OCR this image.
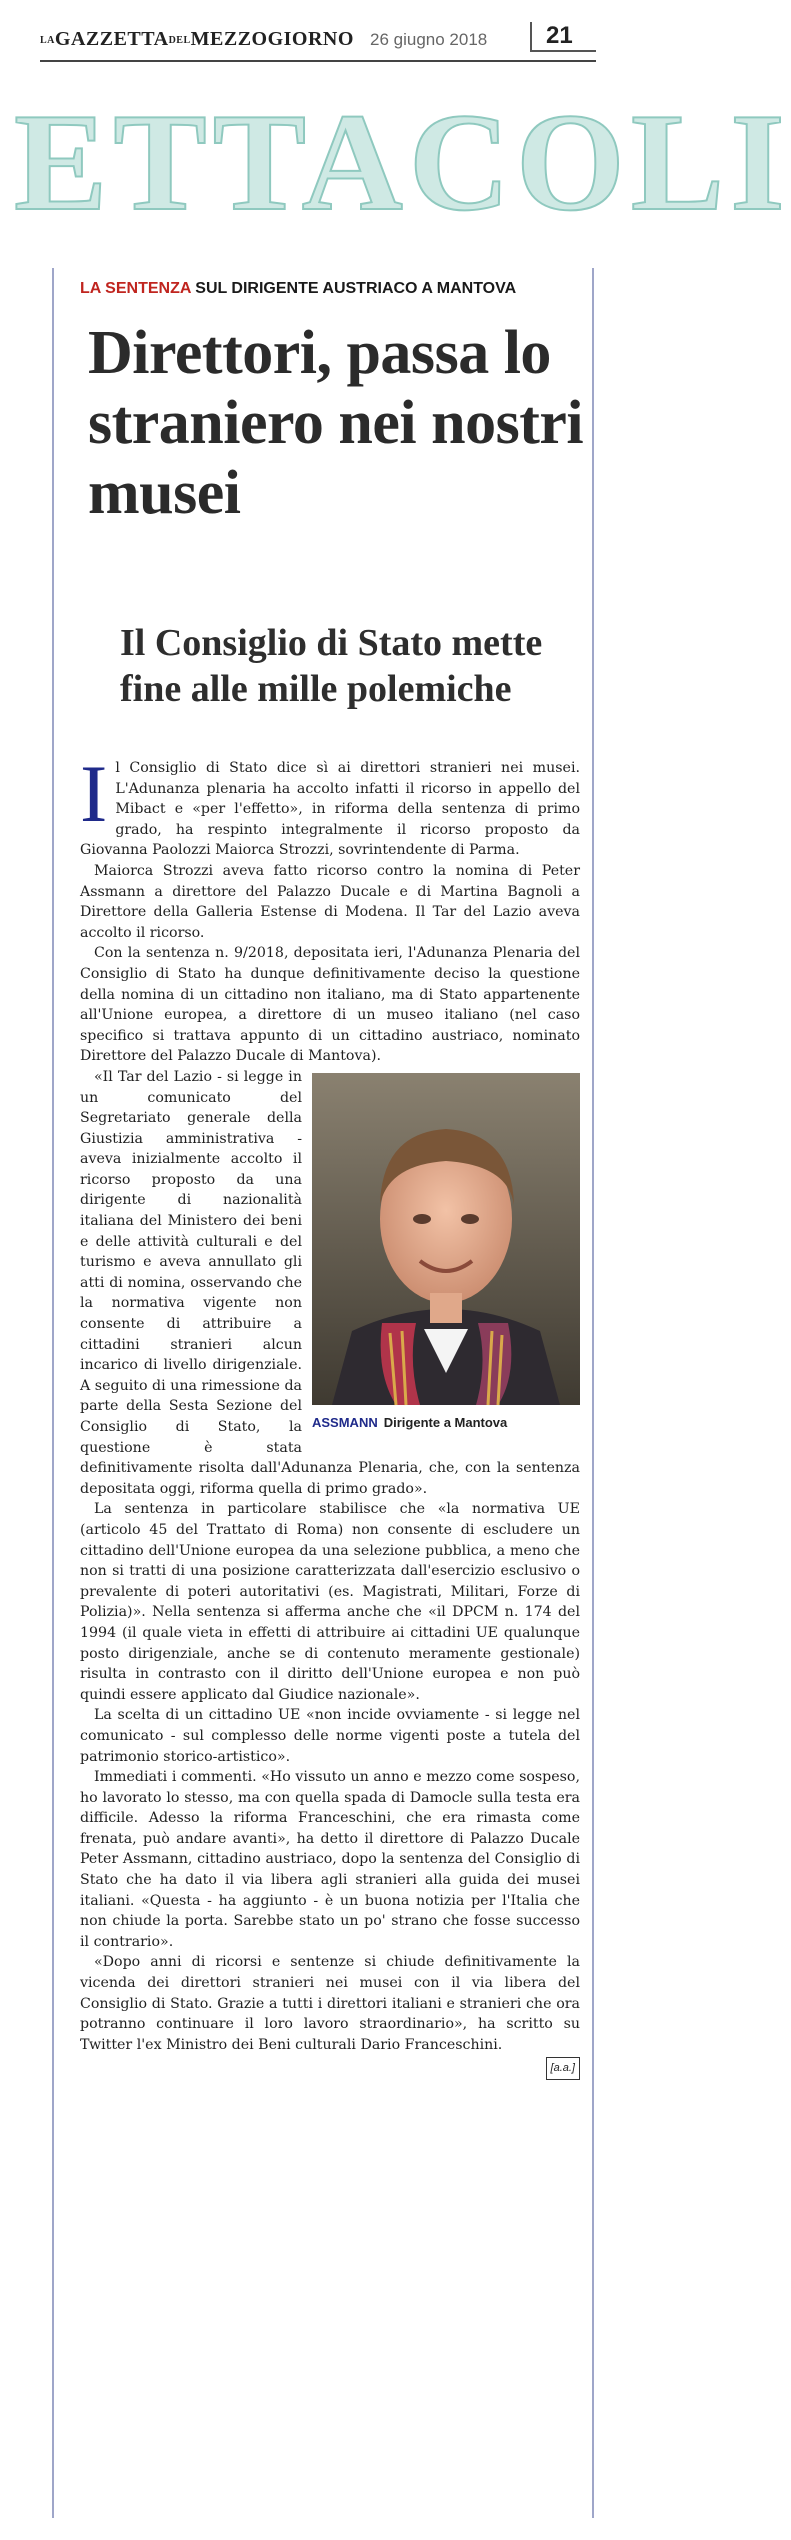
LAGAZZETTADELMEZZOGIORNO 26 giugno 2018 21
ETTACOLI
LA SENTENZA SUL DIRIGENTE AUSTRIACO A MANTOVA
Direttori, passa lo straniero nei nostri musei
Il Consiglio di Stato mette fine alle mille polemiche

Il Consiglio di Stato dice sì ai direttori stranieri nei musei. L'Adunanza plenaria ha accolto infatti il ricorso in appello del Mibact e «per l'effetto», in riforma della sentenza di primo grado, ha respinto integralmente il ricorso proposto da Giovanna Paolozzi Maiorca Strozzi, sovrintendente di Parma.

Maiorca Strozzi aveva fatto ricorso contro la nomina di Peter Assmann a direttore del Palazzo Ducale e di Martina Bagnoli a Direttore della Galleria Estense di Modena. Il Tar del Lazio aveva accolto il ricorso.

Con la sentenza n. 9/2018, depositata ieri, l'Adunanza Plenaria del Consiglio di Stato ha dunque definitivamente deciso la questione della nomina di un cittadino non italiano, ma di Stato appartenente all'Unione europea, a direttore di un museo italiano (nel caso specifico si trattava appunto di un cittadino austriaco, nominato Direttore del Palazzo Ducale di Mantova).

ASSMANN Dirigente a Mantova
«Il Tar del Lazio - si legge in un comunicato del Segretariato generale della Giustizia amministrativa - aveva inizialmente accolto il ricorso proposto da una dirigente di nazionalità italiana del Ministero dei beni e delle attività culturali e del turismo e aveva annullato gli atti di nomina, osservando che la normativa vigente non consente di attribuire a cittadini stranieri alcun incarico di livello dirigenziale. A seguito di una rimessione da parte della Sesta Sezione del Consiglio di Stato, la questione è stata definitivamente risolta dall'Adunanza Plenaria, che, con la sentenza depositata oggi, riforma quella di primo grado».

La sentenza in particolare stabilisce che «la normativa UE (articolo 45 del Trattato di Roma) non consente di escludere un cittadino dell'Unione europea da una selezione pubblica, a meno che non si tratti di una posizione caratterizzata dall'esercizio esclusivo o prevalente di poteri autoritativi (es. Magistrati, Militari, Forze di Polizia)». Nella sentenza si afferma anche che «il DPCM n. 174 del 1994 (il quale vieta in effetti di attribuire ai cittadini UE qualunque posto dirigenziale, anche se di contenuto meramente gestionale) risulta in contrasto con il diritto dell'Unione europea e non può quindi essere applicato dal Giudice nazionale».

La scelta di un cittadino UE «non incide ovviamente - si legge nel comunicato - sul complesso delle norme vigenti poste a tutela del patrimonio storico-artistico».

Immediati i commenti. «Ho vissuto un anno e mezzo come sospeso, ho lavorato lo stesso, ma con quella spada di Damocle sulla testa era difficile. Adesso la riforma Franceschini, che era rimasta come frenata, può andare avanti», ha detto il direttore di Palazzo Ducale Peter Assmann, cittadino austriaco, dopo la sentenza del Consiglio di Stato che ha dato il via libera agli stranieri alla guida dei musei italiani. «Questa - ha aggiunto - è un buona notizia per l'Italia che non chiude la porta. Sarebbe stato un po' strano che fosse successo il contrario».

«Dopo anni di ricorsi e sentenze si chiude definitivamente la vicenda dei direttori stranieri nei musei con il via libera del Consiglio di Stato. Grazie a tutti i direttori italiani e stranieri che ora potranno continuare il loro lavoro straordinario», ha scritto su Twitter l'ex Ministro dei Beni culturali Dario Franceschini.

[a.a.]
